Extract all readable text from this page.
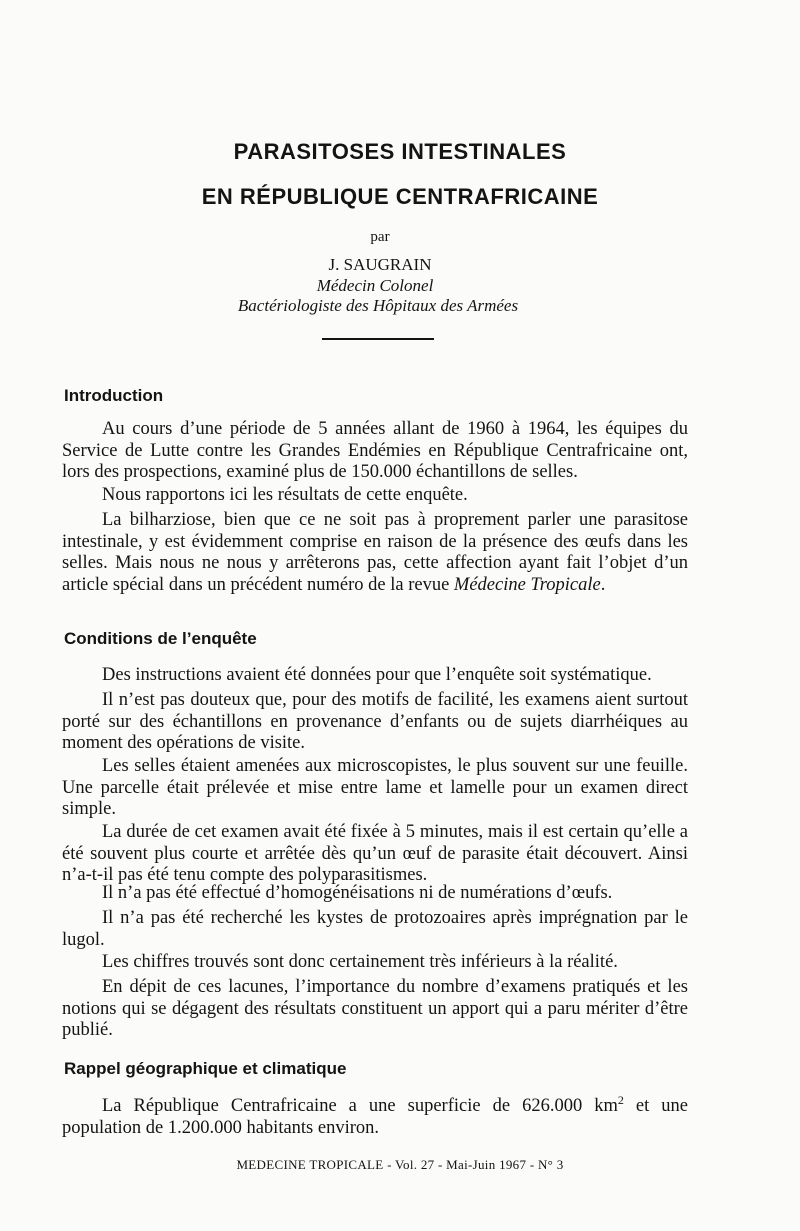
PARASITOSES INTESTINALES
EN RÉPUBLIQUE CENTRAFRICAINE
par
J. SAUGRAIN
Médecin Colonel
Bactériologiste des Hôpitaux des Armées
Introduction

Au cours d’une période de 5 années allant de 1960 à 1964, les équipes du Service de Lutte contre les Grandes Endémies en République Centrafricaine ont, lors des prospections, examiné plus de 150.000 échantillons de selles.

Nous rapportons ici les résultats de cette enquête.

La bilharziose, bien que ce ne soit pas à proprement parler une parasitose intestinale, y est évidemment comprise en raison de la présence des œufs dans les selles. Mais nous ne nous y arrêterons pas, cette affection ayant fait l’objet d’un article spécial dans un précédent numéro de la revue Médecine Tropicale.

Conditions de l’enquête

Des instructions avaient été données pour que l’enquête soit systématique.

Il n’est pas douteux que, pour des motifs de facilité, les examens aient surtout porté sur des échantillons en provenance d’enfants ou de sujets diarrhéiques au moment des opérations de visite.

Les selles étaient amenées aux microscopistes, le plus souvent sur une feuille. Une parcelle était prélevée et mise entre lame et lamelle pour un examen direct simple.

La durée de cet examen avait été fixée à 5 minutes, mais il est certain qu’elle a été souvent plus courte et arrêtée dès qu’un œuf de parasite était découvert. Ainsi n’a-t-il pas été tenu compte des polyparasitismes.

Il n’a pas été effectué d’homogénéisations ni de numérations d’œufs.

Il n’a pas été recherché les kystes de protozoaires après imprégnation par le lugol.

Les chiffres trouvés sont donc certainement très inférieurs à la réalité.

En dépit de ces lacunes, l’importance du nombre d’examens pratiqués et les notions qui se dégagent des résultats constituent un apport qui a paru mériter d’être publié.

Rappel géographique et climatique

La République Centrafricaine a une superficie de 626.000 $km^2$ et une population de 1.200.000 habitants environ.

MEDECINE TROPICALE - Vol. 27 - Mai-Juin 1967 - N° 3
